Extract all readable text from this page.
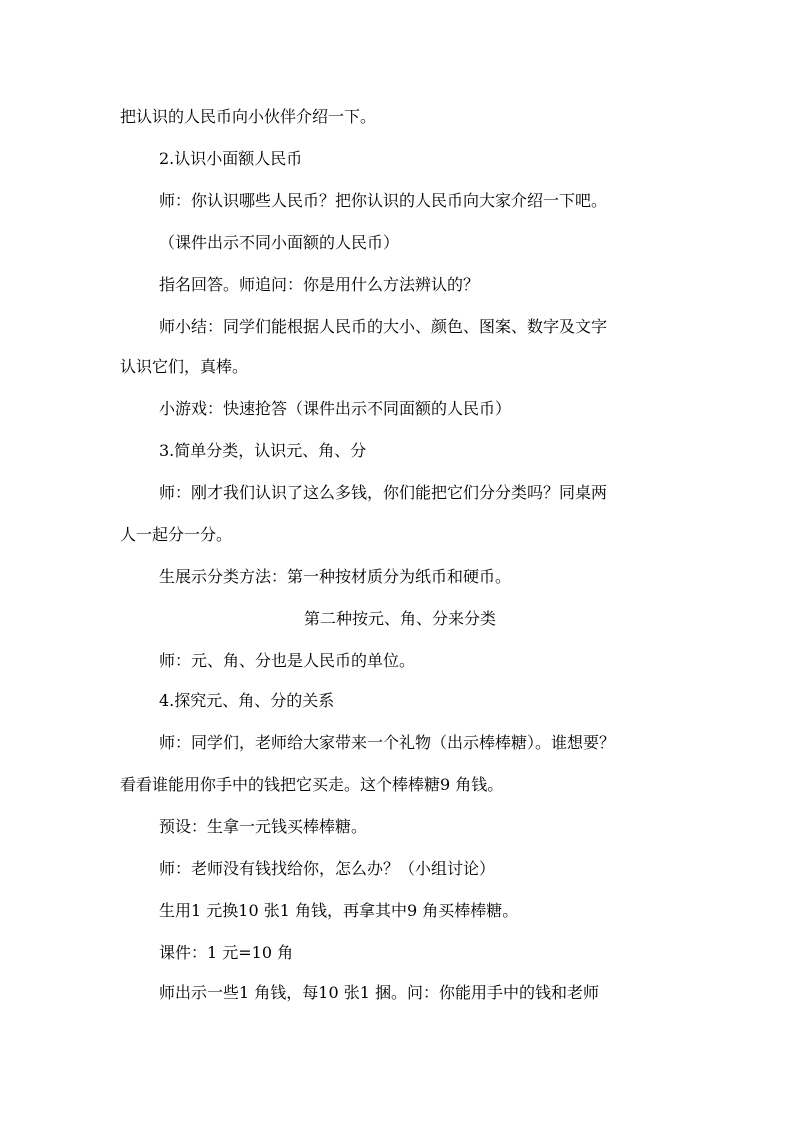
把认识的人民币向小伙伴介绍一下。
2.认识小面额人民币
师：你认识哪些人民币？把你认识的人民币向大家介绍一下吧。
（课件出示不同小面额的人民币）
指名回答。师追问：你是用什么方法辨认的？
师小结：同学们能根据人民币的大小、颜色、图案、数字及文字
认识它们，真棒。
小游戏：快速抢答（课件出示不同面额的人民币）
3.简单分类，认识元、角、分
师：刚才我们认识了这么多钱，你们能把它们分分类吗？同桌两
人一起分一分。
生展示分类方法：第一种按材质分为纸币和硬币。
第二种按元、角、分来分类
师：元、角、分也是人民币的单位。
4.探究元、角、分的关系
师：同学们，老师给大家带来一个礼物（出示棒棒糖）。谁想要？
看看谁能用你手中的钱把它买走。这个棒棒糖9 角钱。
预设：生拿一元钱买棒棒糖。
师：老师没有钱找给你，怎么办？（小组讨论）
生用1 元换10 张1 角钱，再拿其中9 角买棒棒糖。
课件：1 元=10 角
师出示一些1 角钱，每10 张1 捆。问：你能用手中的钱和老师
